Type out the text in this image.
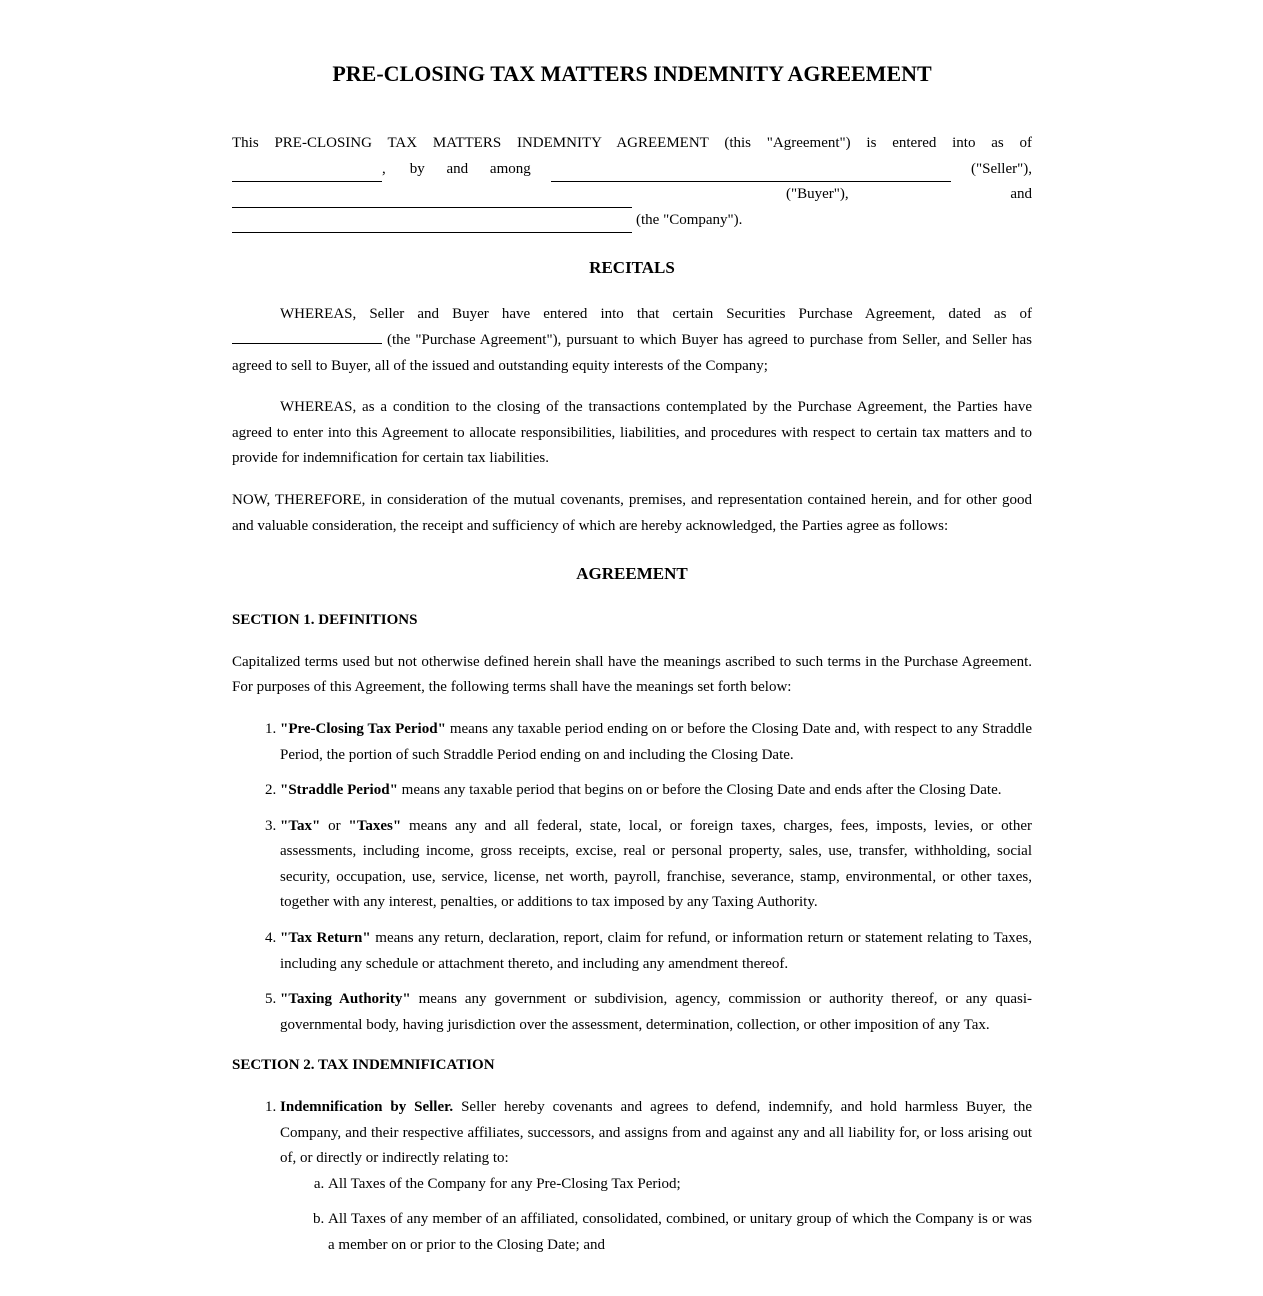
PRE-CLOSING TAX MATTERS INDEMNITY AGREEMENT

This PRE-CLOSING TAX MATTERS INDEMNITY AGREEMENT (this "Agreement") is entered into as of

, by and among	("Seller"),
("Buyer"),	and
(the "Company").
RECITALS

WHEREAS, Seller and Buyer have entered into that certain Securities Purchase Agreement, dated as of  (the "Purchase Agreement"), pursuant to which Buyer has agreed to purchase from Seller, and Seller has agreed to sell to Buyer, all of the issued and outstanding equity interests of the Company;

WHEREAS, as a condition to the closing of the transactions contemplated by the Purchase Agreement, the Parties have agreed to enter into this Agreement to allocate responsibilities, liabilities, and procedures with respect to certain tax matters and to provide for indemnification for certain tax liabilities.

NOW, THEREFORE, in consideration of the mutual covenants, premises, and representation contained herein, and for other good and valuable consideration, the receipt and sufficiency of which are hereby acknowledged, the Parties agree as follows:

AGREEMENT

SECTION 1. DEFINITIONS

Capitalized terms used but not otherwise defined herein shall have the meanings ascribed to such terms in the Purchase Agreement. For purposes of this Agreement, the following terms shall have the meanings set forth below:

1. "Pre-Closing Tax Period" means any taxable period ending on or before the Closing Date and, with respect to any Straddle Period, the portion of such Straddle Period ending on and including the Closing Date.
2. "Straddle Period" means any taxable period that begins on or before the Closing Date and ends after the Closing Date.
3. "Tax" or "Taxes" means any and all federal, state, local, or foreign taxes, charges, fees, imposts, levies, or other assessments, including income, gross receipts, excise, real or personal property, sales, use, transfer, withholding, social security, occupation, use, service, license, net worth, payroll, franchise, severance, stamp, environmental, or other taxes, together with any interest, penalties, or additions to tax imposed by any Taxing Authority.
4. "Tax Return" means any return, declaration, report, claim for refund, or information return or statement relating to Taxes, including any schedule or attachment thereto, and including any amendment thereof.
5. "Taxing Authority" means any government or subdivision, agency, commission or authority thereof, or any quasi-governmental body, having jurisdiction over the assessment, determination, collection, or other imposition of any Tax.

SECTION 2. TAX INDEMNIFICATION

1. Indemnification by Seller. Seller hereby covenants and agrees to defend, indemnify, and hold harmless Buyer, the Company, and their respective affiliates, successors, and assigns from and against any and all liability for, or loss arising out of, or directly or indirectly relating to:
a. All Taxes of the Company for any Pre-Closing Tax Period;
b. All Taxes of any member of an affiliated, consolidated, combined, or unitary group of which the Company is or was a member on or prior to the Closing Date; and
